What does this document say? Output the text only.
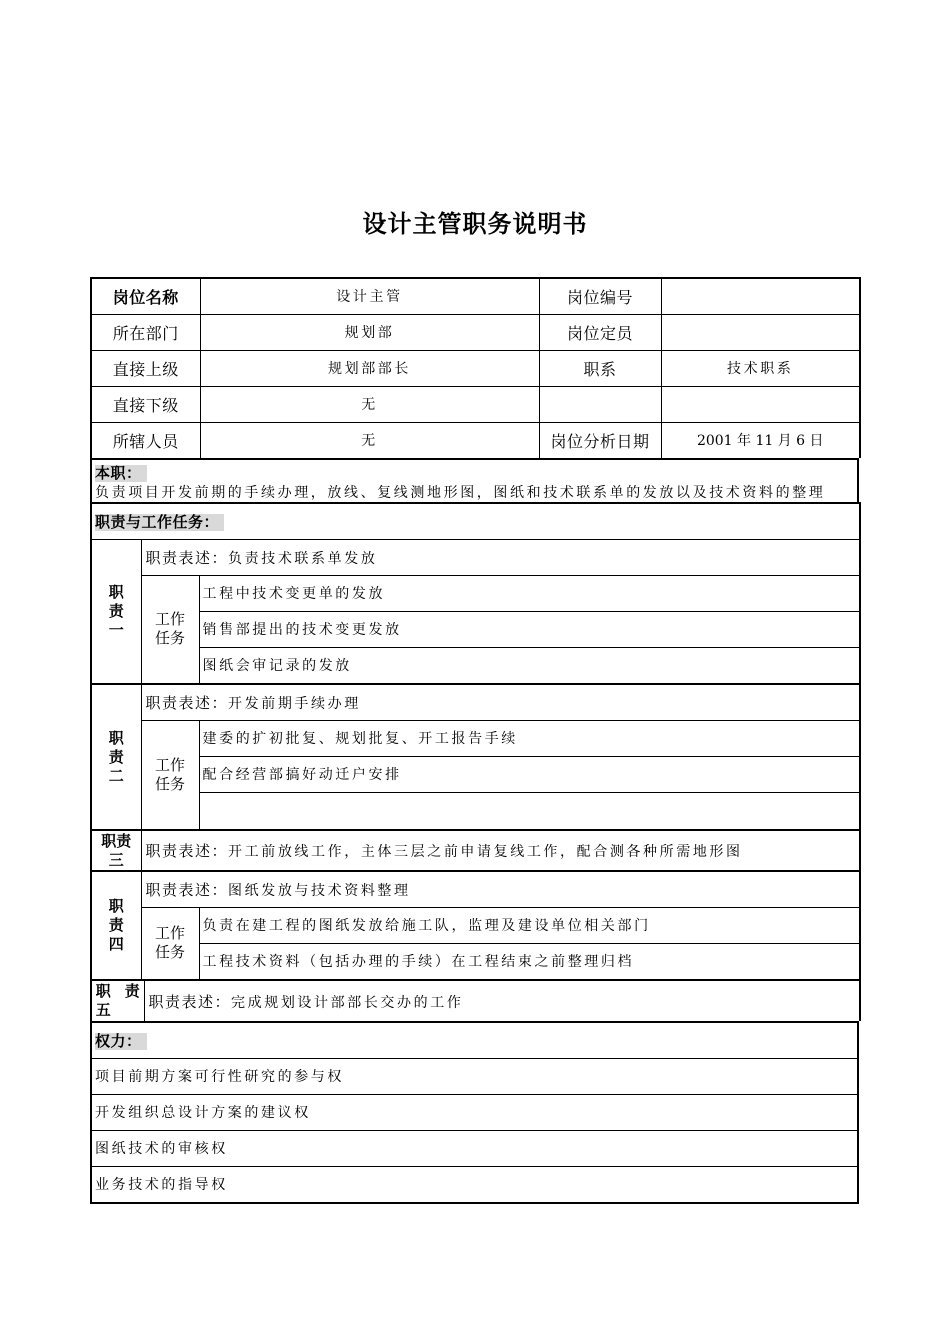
设计主管职务说明书
岗位名称	设计主管	岗位编号	
所在部门	规划部	岗位定员	
直接上级	规划部部长	职系	技术职系
直接下级	无		
所辖人员	无	岗位分析日期	2001 年 11 月 6 日
本职：
负责项目开发前期的手续办理，放线、复线测地形图，图纸和技术联系单的发放以及技术资料的整理
职责与工作任务：		
职责一	职责表述：负责技术联系单发放	
	工作任务	工程中技术变更单的发放
		销售部提出的技术变更发放
		图纸会审记录的发放
职责二	职责表述：开发前期手续办理	
	工作任务	建委的扩初批复、规划批复、开工报告手续
		配合经营部搞好动迁户安排

职责三	职责表述：开工前放线工作，主体三层之前申请复线工作，配合测各种所需地形图
职责四	职责表述：图纸发放与技术资料整理	
	工作任务	负责在建工程的图纸发放给施工队，监理及建设单位相关部门
		工程技术资料（包括办理的手续）在工程结束之前整理归档
职责五	职责表述：完成规划设计部部长交办的工作
权力：
项目前期方案可行性研究的参与权
开发组织总设计方案的建议权
图纸技术的审核权
业务技术的指导权
